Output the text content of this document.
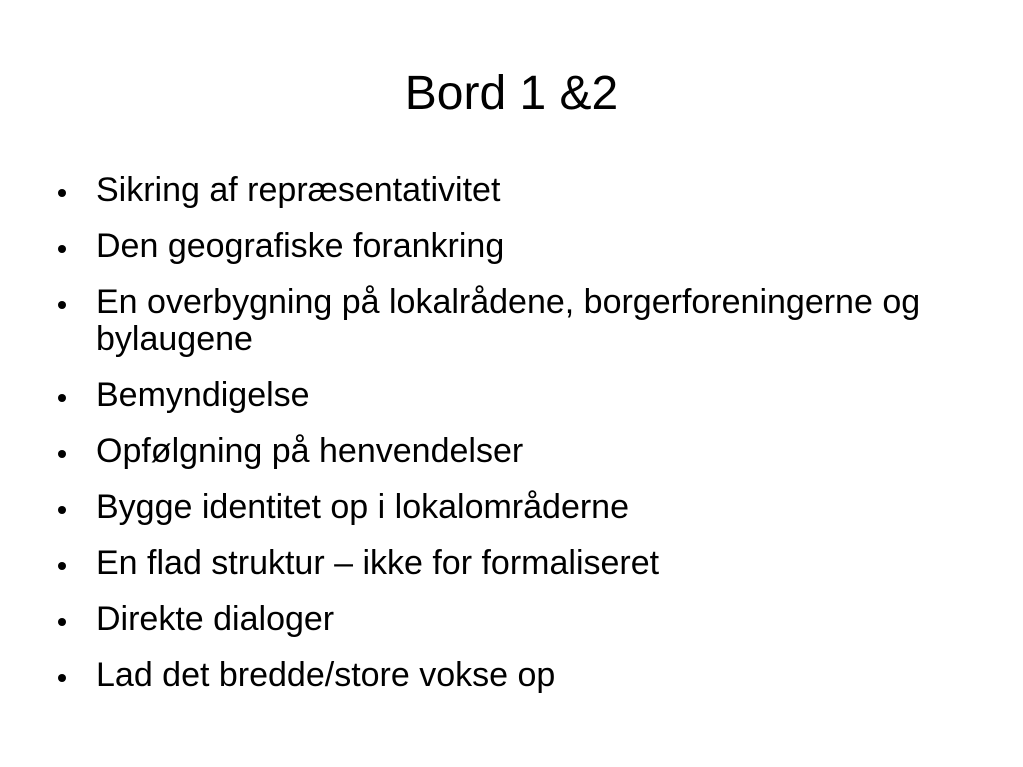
Bord 1 &2
Sikring af repræsentativitet
Den geografiske forankring
En overbygning på lokalrådene, borgerforeningerne og bylaugene
Bemyndigelse
Opfølgning på henvendelser
Bygge identitet op i lokalområderne
En flad struktur – ikke for formaliseret
Direkte dialoger
Lad det bredde/store vokse op
